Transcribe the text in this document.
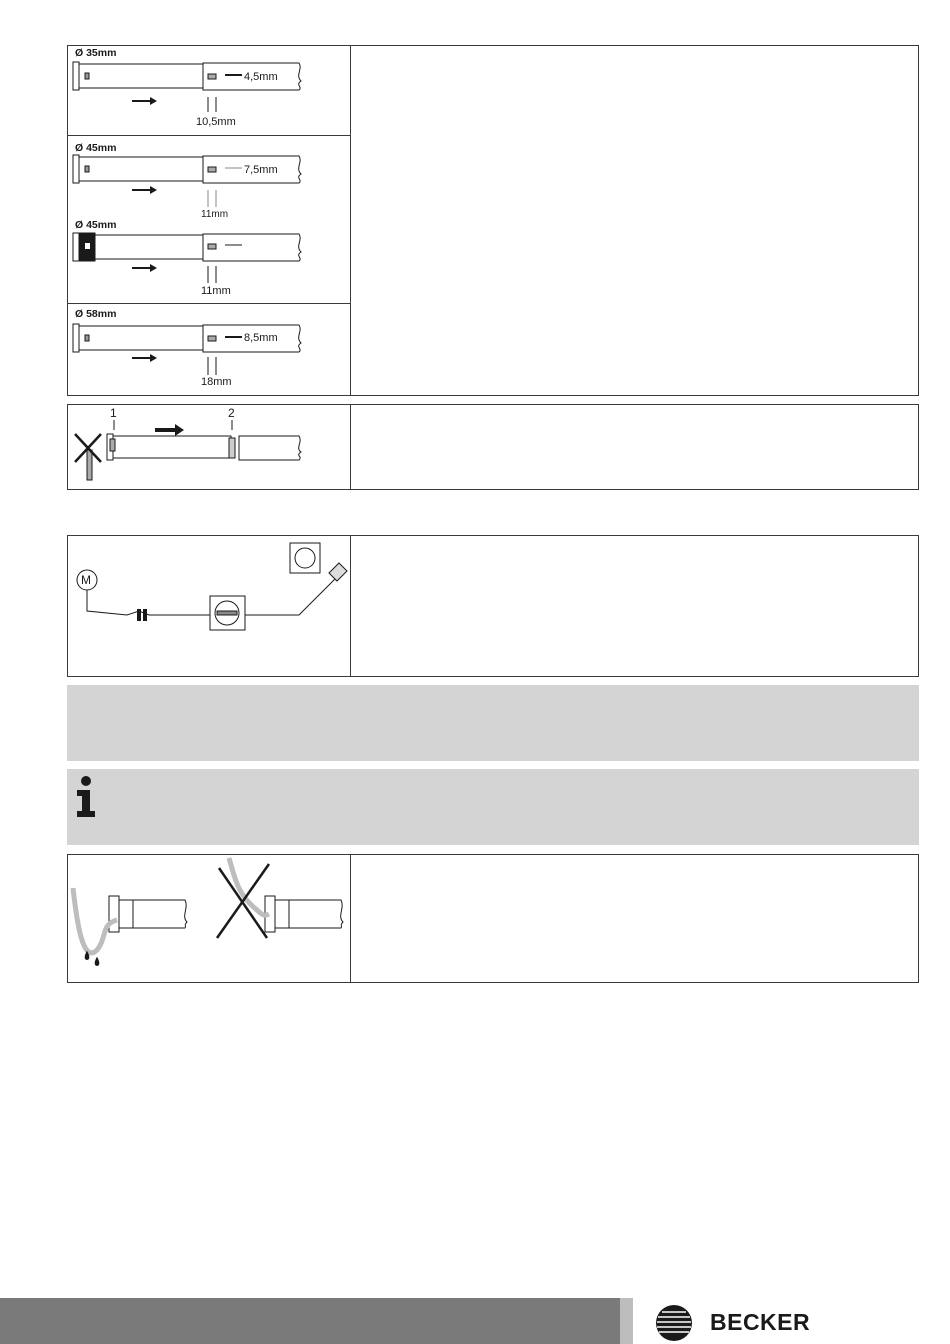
Ø 35mm
4,5mm
10,5mm
Ø 45mm
7,5mm
11mm
Ø 45mm
11mm
Ø 58mm
8,5mm
18mm
1	2
M
BECKER
